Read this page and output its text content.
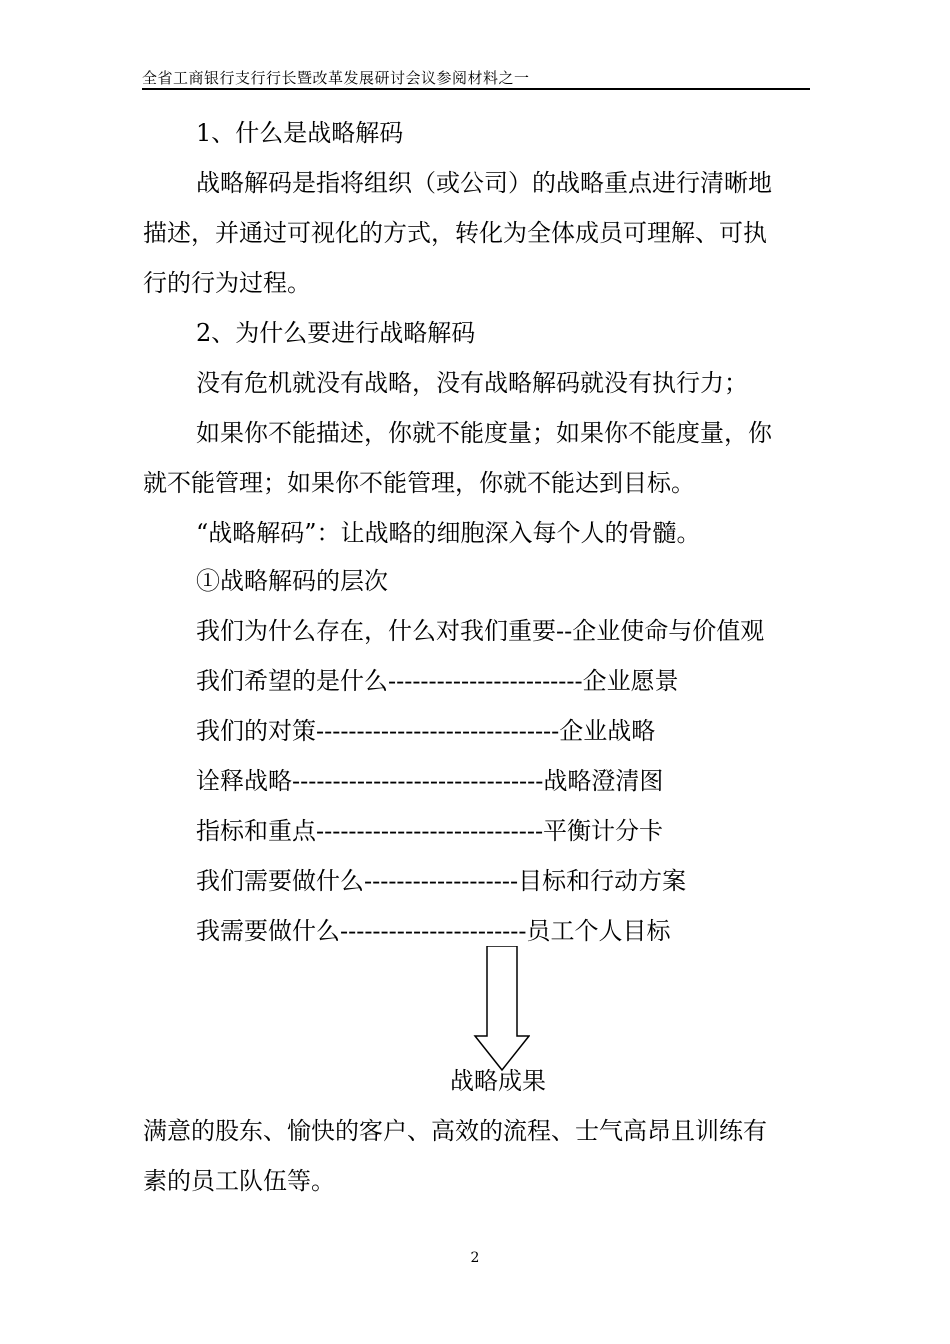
全省工商银行支行行长暨改革发展研讨会议参阅材料之一
1、什么是战略解码
战略解码是指将组织（或公司）的战略重点进行清晰地
描述，并通过可视化的方式，转化为全体成员可理解、可执
行的行为过程。
2、为什么要进行战略解码
没有危机就没有战略，没有战略解码就没有执行力；
如果你不能描述，你就不能度量；如果你不能度量，你
就不能管理；如果你不能管理，你就不能达到目标。
“战略解码”：让战略的细胞深入每个人的骨髓。
①战略解码的层次
我们为什么存在，什么对我们重要--企业使命与价值观
我们希望的是什么------------------------企业愿景
我们的对策------------------------------企业战略
诠释战略-------------------------------战略澄清图
指标和重点----------------------------平衡计分卡
我们需要做什么-------------------目标和行动方案
我需要做什么-----------------------员工个人目标
战略成果
满意的股东、愉快的客户、高效的流程、士气高昂且训练有
素的员工队伍等。
2
